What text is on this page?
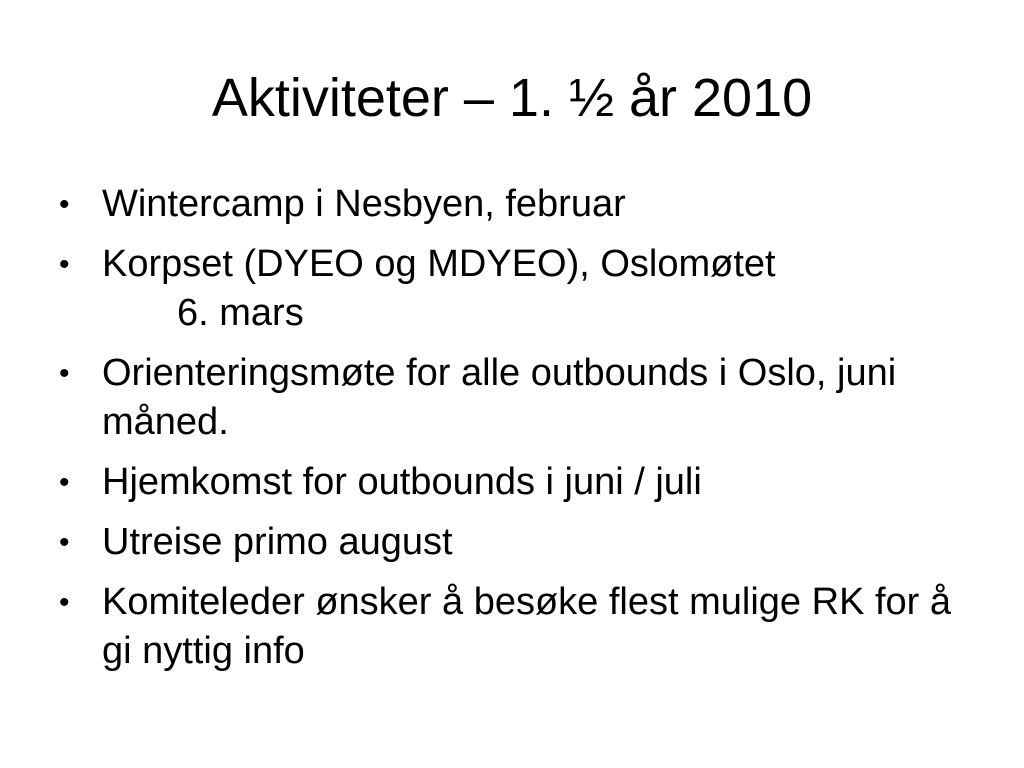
Aktiviteter – 1. ½ år 2010
• Wintercamp i Nesbyen, februar
• Korpset (DYEO og MDYEO), Oslomøtet
6. mars
• Orienteringsmøte for alle outbounds i Oslo, juni måned.
• Hjemkomst for outbounds i juni / juli
• Utreise primo august
• Komiteleder ønsker å besøke flest mulige RK for å gi nyttig info
